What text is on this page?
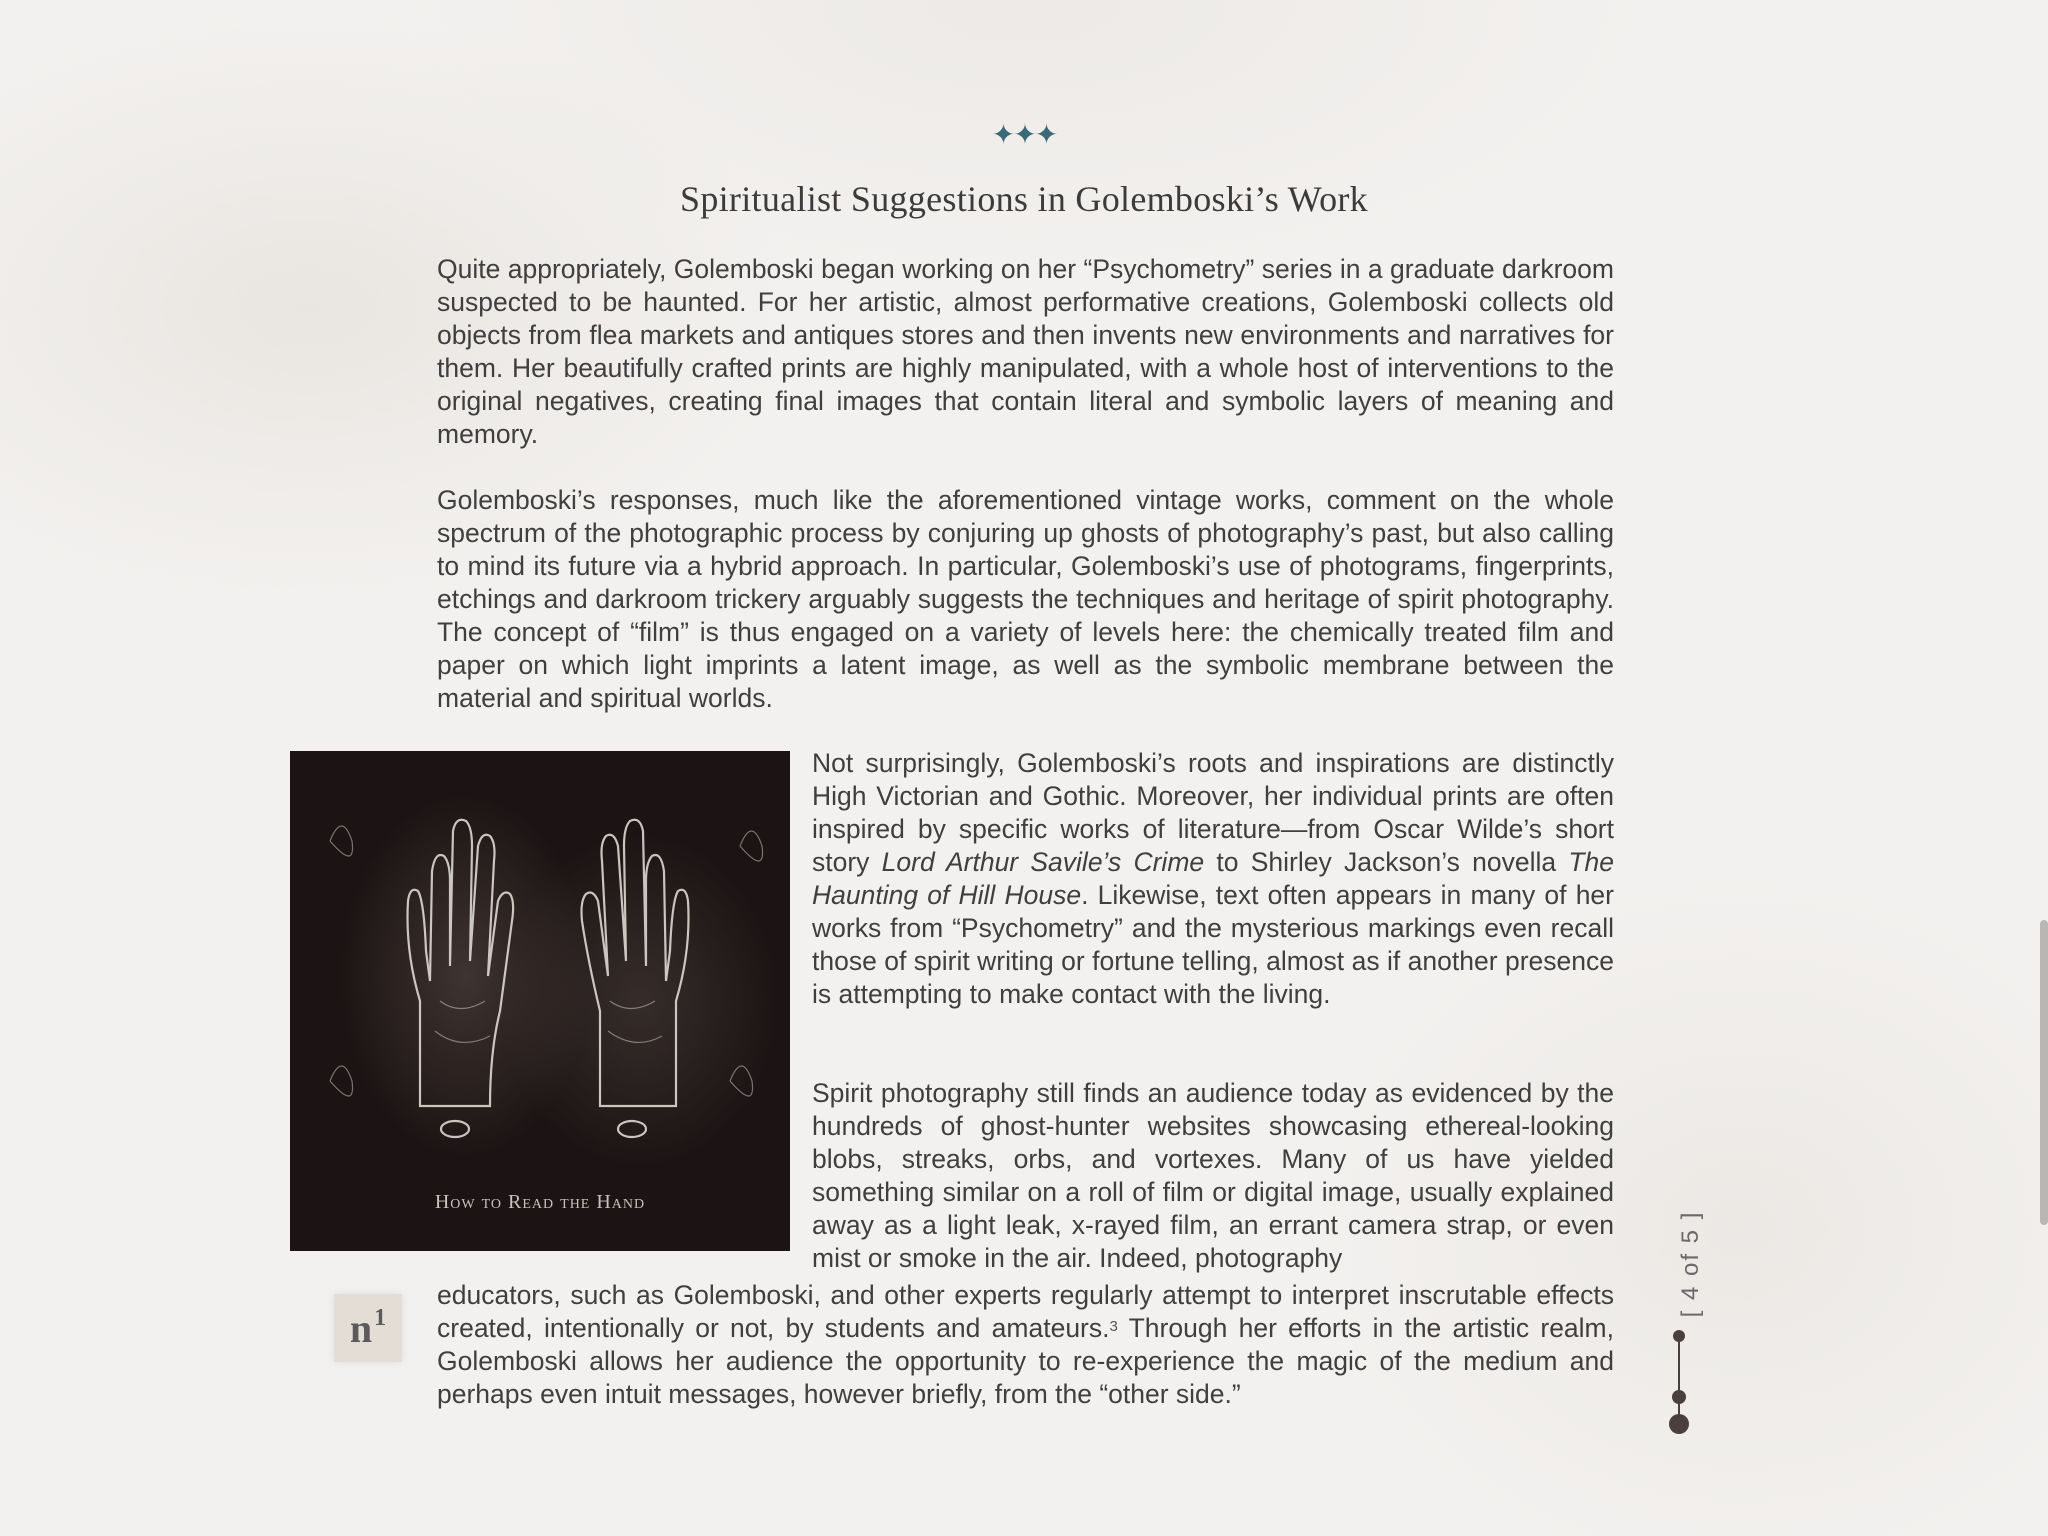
✦✦✦
Spiritualist Suggestions in Golemboski’s Work

Quite appropriately, Golemboski began working on her “Psychometry” series in a graduate darkroom suspected to be haunted. For her artistic, almost performative creations, Golemboski collects old objects from flea markets and antiques stores and then invents new environments and narratives for them. Her beautifully crafted prints are highly manipulated, with a whole host of interventions to the original negatives, creating final images that contain literal and symbolic layers of meaning and memory.

Golemboski’s responses, much like the aforementioned vintage works, comment on the whole spectrum of the photographic process by conjuring up ghosts of photography’s past, but also calling to mind its future via a hybrid approach. In particular, Golemboski’s use of photograms, fingerprints, etchings and darkroom trickery arguably suggests the techniques and heritage of spirit photography. The concept of “film” is thus engaged on a variety of levels here: the chemically treated film and paper on which light imprints a latent image, as well as the symbolic membrane between the material and spiritual worlds.

How to Read the Hand

Not surprisingly, Golemboski’s roots and inspirations are distinctly High Victorian and Gothic. Moreover, her individual prints are often inspired by specific works of literature—from Oscar Wilde’s short story Lord Arthur Savile’s Crime to Shirley Jackson’s novella The Haunting of Hill House. Likewise, text often appears in many of her works from “Psychometry” and the mysterious markings even recall those of spirit writing or fortune telling, almost as if another presence is attempting to make contact with the living.

Spirit photography still finds an audience today as evidenced by the hundreds of ghost-hunter websites showcasing ethereal-looking blobs, streaks, orbs, and vortexes. Many of us have yielded something similar on a roll of film or digital image, usually explained away as a light leak, x-rayed film, an errant camera strap, or even mist or smoke in the air. Indeed, photography

educators, such as Golemboski, and other experts regularly attempt to interpret inscrutable effects created, intentionally or not, by students and amateurs.$^3$ Through her efforts in the artistic realm, Golemboski allows her audience the opportunity to re-experience the magic of the medium and perhaps even intuit messages, however briefly, from the “other side.”

$n^1$
[ 4 of 5 ]
